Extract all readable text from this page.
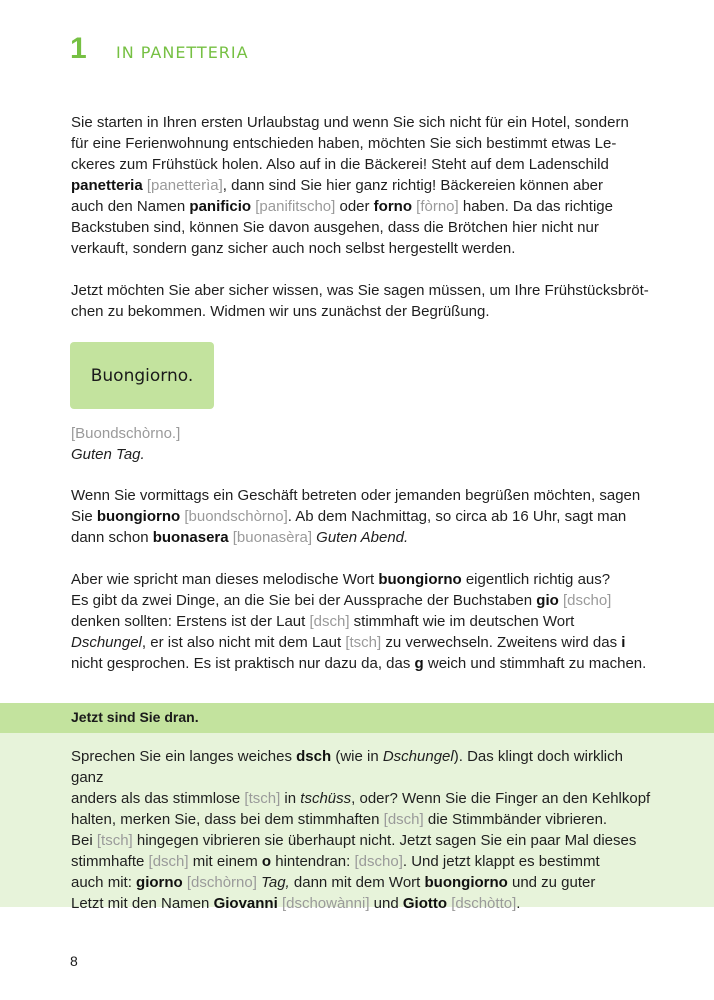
1	IN PANETTERIA

Sie starten in Ihren ersten Urlaubstag und wenn Sie sich nicht für ein Hotel, sondern

für eine Ferienwohnung entschieden haben, möchten Sie sich bestimmt etwas Le-

ckeres zum Frühstück holen. Also auf in die Bäckerei! Steht auf dem Ladenschild

panetteria [panetterìa], dann sind Sie hier ganz richtig! Bäckereien können aber

auch den Namen panificio [panifitscho] oder forno [fòrno] haben. Da das richtige

Backstuben sind, können Sie davon ausgehen, dass die Brötchen hier nicht nur

verkauft, sondern ganz sicher auch noch selbst hergestellt werden.

Jetzt möchten Sie aber sicher wissen, was Sie sagen müssen, um Ihre Frühstücksbröt-

chen zu bekommen. Widmen wir uns zunächst der Begrüßung.

Buongiorno.

[Buondschòrno.]

Guten Tag.

Wenn Sie vormittags ein Geschäft betreten oder jemanden begrüßen möchten, sagen

Sie buongiorno [buondschòrno]. Ab dem Nachmittag, so circa ab 16 Uhr, sagt man

dann schon buonasera [buonasèra] Guten Abend.

Aber wie spricht man dieses melodische Wort buongiorno eigentlich richtig aus?

Es gibt da zwei Dinge, an die Sie bei der Aussprache der Buchstaben gio [dscho]

denken sollten: Erstens ist der Laut [dsch] stimmhaft wie im deutschen Wort

Dschungel, er ist also nicht mit dem Laut [tsch] zu verwechseln. Zweitens wird das i

nicht gesprochen. Es ist praktisch nur dazu da, das g weich und stimmhaft zu machen.

Jetzt sind Sie dran.

Sprechen Sie ein langes weiches dsch (wie in Dschungel). Das klingt doch wirklich ganz

anders als das stimmlose [tsch] in tschüss, oder? Wenn Sie die Finger an den Kehlkopf

halten, merken Sie, dass bei dem stimmhaften [dsch] die Stimmbänder vibrieren.

Bei [tsch] hingegen vibrieren sie überhaupt nicht. Jetzt sagen Sie ein paar Mal dieses

stimmhafte [dsch] mit einem o hintendran: [dscho]. Und jetzt klappt es bestimmt

auch mit: giorno [dschòrno] Tag, dann mit dem Wort buongiorno und zu guter

Letzt mit den Namen Giovanni [dschowànni] und Giotto [dschòtto].

8
